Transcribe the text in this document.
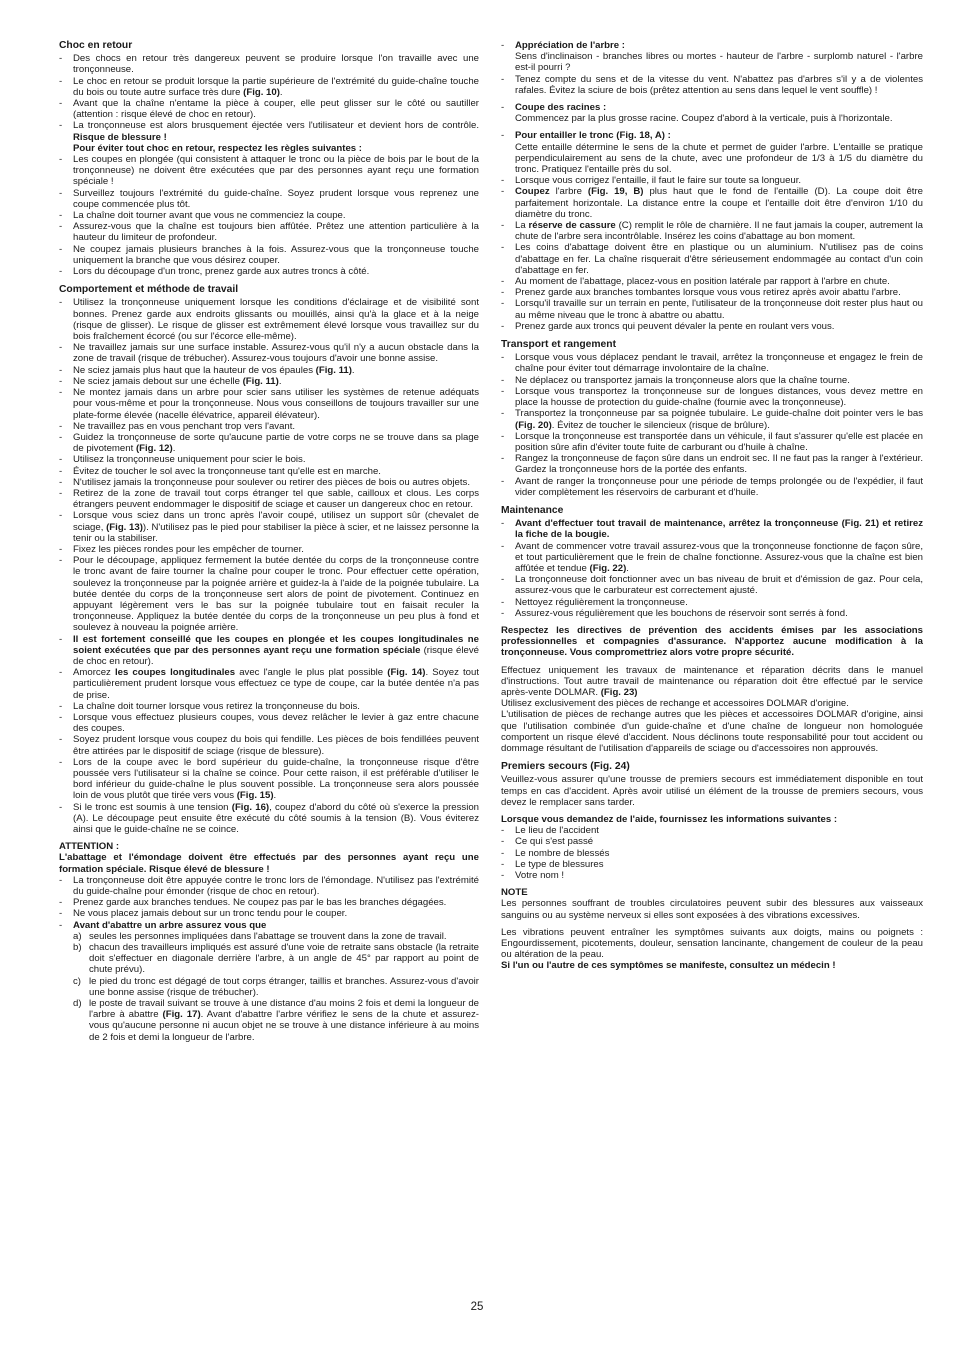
Choc en retour
-	Des chocs en retour très dangereux peuvent se produire lorsque l'on travaille avec une tronçonneuse.
-	Le choc en retour se produit lorsque la partie supérieure de l'extrémité du guide-chaîne touche du bois ou toute autre surface très dure (Fig. 10).
-	Avant que la chaîne n'entame la pièce à couper, elle peut glisser sur le côté ou sautiller (attention : risque élevé de choc en retour).
-	La tronçonneuse est alors brusquement éjectée vers l'utilisateur et devient hors de contrôle. Risque de blessure !
Pour éviter tout choc en retour, respectez les règles suivantes :
-	Les coupes en plongée (qui consistent à attaquer le tronc ou la pièce de bois par le bout de la tronçonneuse) ne doivent être exécutées que par des personnes ayant reçu une formation spéciale !
-	Surveillez toujours l'extrémité du guide-chaîne. Soyez prudent lorsque vous reprenez une coupe commencée plus tôt.
-	La chaîne doit tourner avant que vous ne commenciez la coupe.
-	Assurez-vous que la chaîne est toujours bien affûtée. Prêtez une attention particulière à la hauteur du limiteur de profondeur.
-	Ne coupez jamais plusieurs branches à la fois. Assurez-vous que la tronçonneuse touche uniquement la branche que vous désirez couper.
-	Lors du découpage d'un tronc, prenez garde aux autres troncs à côté.
Comportement et méthode de travail
-	Utilisez la tronçonneuse uniquement lorsque les conditions d'éclairage et de visibilité sont bonnes. Prenez garde aux endroits glissants ou mouillés, ainsi qu'à la glace et à la neige (risque de glisser). Le risque de glisser est extrêmement élevé lorsque vous travaillez sur du bois fraîchement écorcé (ou sur l'écorce elle-même).
-	Ne travaillez jamais sur une surface instable. Assurez-vous qu'il n'y a aucun obstacle dans la zone de travail (risque de trébucher). Assurez-vous toujours d'avoir une bonne assise.
-	Ne sciez jamais plus haut que la hauteur de vos épaules (Fig. 11).
-	Ne sciez jamais debout sur une échelle (Fig. 11).
-	Ne montez jamais dans un arbre pour scier sans utiliser les systèmes de retenue adéquats pour vous-même et pour la tronçonneuse. Nous vous conseillons de toujours travailler sur une plate-forme élevée (nacelle élévatrice, appareil élévateur).
-	Ne travaillez pas en vous penchant trop vers l'avant.
-	Guidez la tronçonneuse de sorte qu'aucune partie de votre corps ne se trouve dans sa plage de pivotement (Fig. 12).
-	Utilisez la tronçonneuse uniquement pour scier le bois.
-	Évitez de toucher le sol avec la tronçonneuse tant qu'elle est en marche.
-	N'utilisez jamais la tronçonneuse pour soulever ou retirer des pièces de bois ou autres objets.
-	Retirez de la zone de travail tout corps étranger tel que sable, cailloux et clous. Les corps étrangers peuvent endommager le dispositif de sciage et causer un dangereux choc en retour.
-	Lorsque vous sciez dans un tronc après l'avoir coupé, utilisez un support sûr (chevalet de sciage, (Fig. 13)). N'utilisez pas le pied pour stabiliser la pièce à scier, et ne laissez personne la tenir ou la stabiliser.
-	Fixez les pièces rondes pour les empêcher de tourner.
-	Pour le découpage, appliquez fermement la butée dentée du corps de la tronçonneuse contre le tronc avant de faire tourner la chaîne pour couper le tronc. Pour effectuer cette opération, soulevez la tronçonneuse par la poignée arrière et guidez-la à l'aide de la poignée tubulaire. La butée dentée du corps de la tronçonneuse sert alors de point de pivotement. Continuez en appuyant légèrement vers le bas sur la poignée tubulaire tout en faisait reculer la tronçonneuse. Appliquez la butée dentée du corps de la tronçonneuse un peu plus à fond et soulevez à nouveau la poignée arrière.
-	Il est fortement conseillé que les coupes en plongée et les coupes longitudinales ne soient exécutées que par des personnes ayant reçu une formation spéciale (risque élevé de choc en retour).
-	Amorcez les coupes longitudinales avec l'angle le plus plat possible (Fig. 14). Soyez tout particulièrement prudent lorsque vous effectuez ce type de coupe, car la butée dentée n'a pas de prise.
-	La chaîne doit tourner lorsque vous retirez la tronçonneuse du bois.
-	Lorsque vous effectuez plusieurs coupes, vous devez relâcher le levier à gaz entre chacune des coupes.
-	Soyez prudent lorsque vous coupez du bois qui fendille. Les pièces de bois fendillées peuvent être attirées par le dispositif de sciage (risque de blessure).
-	Lors de la coupe avec le bord supérieur du guide-chaîne, la tronçonneuse risque d'être poussée vers l'utilisateur si la chaîne se coince. Pour cette raison, il est préférable d'utiliser le bord inférieur du guide-chaîne le plus souvent possible. La tronçonneuse sera alors poussée loin de vous plutôt que tirée vers vous (Fig. 15).
-	Si le tronc est soumis à une tension (Fig. 16), coupez d'abord du côté où s'exerce la pression (A). Le découpage peut ensuite être exécuté du côté soumis à la tension (B). Vous éviterez ainsi que le guide-chaîne ne se coince.
ATTENTION :
L'abattage et l'émondage doivent être effectués par des personnes ayant reçu une formation spéciale. Risque élevé de blessure !
-	La tronçonneuse doit être appuyée contre le tronc lors de l'émondage. N'utilisez pas l'extrémité du guide-chaîne pour émonder (risque de choc en retour).
-	Prenez garde aux branches tendues. Ne coupez pas par le bas les branches dégagées.
-	Ne vous placez jamais debout sur un tronc tendu pour le couper.
-	Avant d'abattre un arbre assurez vous que
a) seules les personnes impliquées dans l'abattage se trouvent dans la zone de travail.
b) chacun des travailleurs impliqués est assuré d'une voie de retraite sans obstacle (la retraite doit s'effectuer en diagonale derrière l'arbre, à un angle de 45° par rapport au point de chute prévu).
c) le pied du tronc est dégagé de tout corps étranger, taillis et branches. Assurez-vous d'avoir une bonne assise (risque de trébucher).
d) le poste de travail suivant se trouve à une distance d'au moins 2 fois et demi la longueur de l'arbre à abattre (Fig. 17). Avant d'abattre l'arbre vérifiez le sens de la chute et assurez-vous qu'aucune personne ni aucun objet ne se trouve à une distance inférieure à au moins de 2 fois et demi la longueur de l'arbre.
-	Appréciation de l'arbre :
Sens d'inclinaison - branches libres ou mortes - hauteur de l'arbre - surplomb naturel - l'arbre est-il pourri ?
-	Tenez compte du sens et de la vitesse du vent. N'abattez pas d'arbres s'il y a de violentes rafales. Évitez la sciure de bois (prêtez attention au sens dans lequel le vent souffle) !
-	Coupe des racines :
Commencez par la plus grosse racine. Coupez d'abord à la verticale, puis à l'horizontale.
-	Pour entailler le tronc (Fig. 18, A) :
Cette entaille détermine le sens de la chute et permet de guider l'arbre. L'entaille se pratique perpendiculairement au sens de la chute, avec une profondeur de 1/3 à 1/5 du diamètre du tronc. Pratiquez l'entaille près du sol.
-	Lorsque vous corrigez l'entaille, il faut le faire sur toute sa longueur.
-	Coupez l'arbre (Fig. 19, B) plus haut que le fond de l'entaille (D). La coupe doit être parfaitement horizontale. La distance entre la coupe et l'entaille doit être d'environ 1/10 du diamètre du tronc.
-	La réserve de cassure (C) remplit le rôle de charnière. Il ne faut jamais la couper, autrement la chute de l'arbre sera incontrôlable. Insérez les coins d'abattage au bon moment.
-	Les coins d'abattage doivent être en plastique ou un aluminium. N'utilisez pas de coins d'abattage en fer. La chaîne risquerait d'être sérieusement endommagée au contact d'un coin d'abattage en fer.
-	Au moment de l'abattage, placez-vous en position latérale par rapport à l'arbre en chute.
-	Prenez garde aux branches tombantes lorsque vous vous retirez après avoir abattu l'arbre.
-	Lorsqu'il travaille sur un terrain en pente, l'utilisateur de la tronçonneuse doit rester plus haut ou au même niveau que le tronc à abattre ou abattu.
-	Prenez garde aux troncs qui peuvent dévaler la pente en roulant vers vous.
Transport et rangement
-	Lorsque vous vous déplacez pendant le travail, arrêtez la tronçonneuse et engagez le frein de chaîne pour éviter tout démarrage involontaire de la chaîne.
-	Ne déplacez ou transportez jamais la tronçonneuse alors que la chaîne tourne.
-	Lorsque vous transportez la tronçonneuse sur de longues distances, vous devez mettre en place la housse de protection du guide-chaîne (fournie avec la tronçonneuse).
-	Transportez la tronçonneuse par sa poignée tubulaire. Le guide-chaîne doit pointer vers le bas (Fig. 20). Évitez de toucher le silencieux (risque de brûlure).
-	Lorsque la tronçonneuse est transportée dans un véhicule, il faut s'assurer qu'elle est placée en position sûre afin d'éviter toute fuite de carburant ou d'huile à chaîne.
-	Rangez la tronçonneuse de façon sûre dans un endroit sec. Il ne faut pas la ranger à l'extérieur. Gardez la tronçonneuse hors de la portée des enfants.
-	Avant de ranger la tronçonneuse pour une période de temps prolongée ou de l'expédier, il faut vider complètement les réservoirs de carburant et d'huile.
Maintenance
-	Avant d'effectuer tout travail de maintenance, arrêtez la tronçonneuse (Fig. 21) et retirez la fiche de la bougie.
-	Avant de commencer votre travail assurez-vous que la tronçonneuse fonctionne de façon sûre, et tout particulièrement que le frein de chaîne fonctionne. Assurez-vous que la chaîne est bien affûtée et tendue (Fig. 22).
-	La tronçonneuse doit fonctionner avec un bas niveau de bruit et d'émission de gaz. Pour cela, assurez-vous que le carburateur est correctement ajusté.
-	Nettoyez régulièrement la tronçonneuse.
-	Assurez-vous régulièrement que les bouchons de réservoir sont serrés à fond.
Respectez les directives de prévention des accidents émises par les associations professionnelles et compagnies d'assurance. N'apportez aucune modification à la tronçonneuse. Vous compromettriez alors votre propre sécurité.
Effectuez uniquement les travaux de maintenance et réparation décrits dans le manuel d'instructions. Tout autre travail de maintenance ou réparation doit être effectué par le service après-vente DOLMAR. (Fig. 23)
Utilisez exclusivement des pièces de rechange et accessoires DOLMAR d'origine.
L'utilisation de pièces de rechange autres que les pièces et accessoires DOLMAR d'origine, ainsi que l'utilisation combinée d'un guide-chaîne et d'une chaîne de longueur non homologuée comportent un risque élevé d'accident. Nous déclinons toute responsabilité pour tout accident ou dommage résultant de l'utilisation d'appareils de sciage ou d'accessoires non approuvés.
Premiers secours (Fig. 24)
Veuillez-vous assurer qu'une trousse de premiers secours est immédiatement disponible en tout temps en cas d'accident. Après avoir utilisé un élément de la trousse de premiers secours, vous devez le remplacer sans tarder.
Lorsque vous demandez de l'aide, fournissez les informations suivantes :
-	Le lieu de l'accident
-	Ce qui s'est passé
-	Le nombre de blessés
-	Le type de blessures
-	Votre nom !
NOTE
Les personnes souffrant de troubles circulatoires peuvent subir des blessures aux vaisseaux sanguins ou au système nerveux si elles sont exposées à des vibrations excessives.
Les vibrations peuvent entraîner les symptômes suivants aux doigts, mains ou poignets : Engourdissement, picotements, douleur, sensation lancinante, changement de couleur de la peau ou altération de la peau.
Si l'un ou l'autre de ces symptômes se manifeste, consultez un médecin !
25
